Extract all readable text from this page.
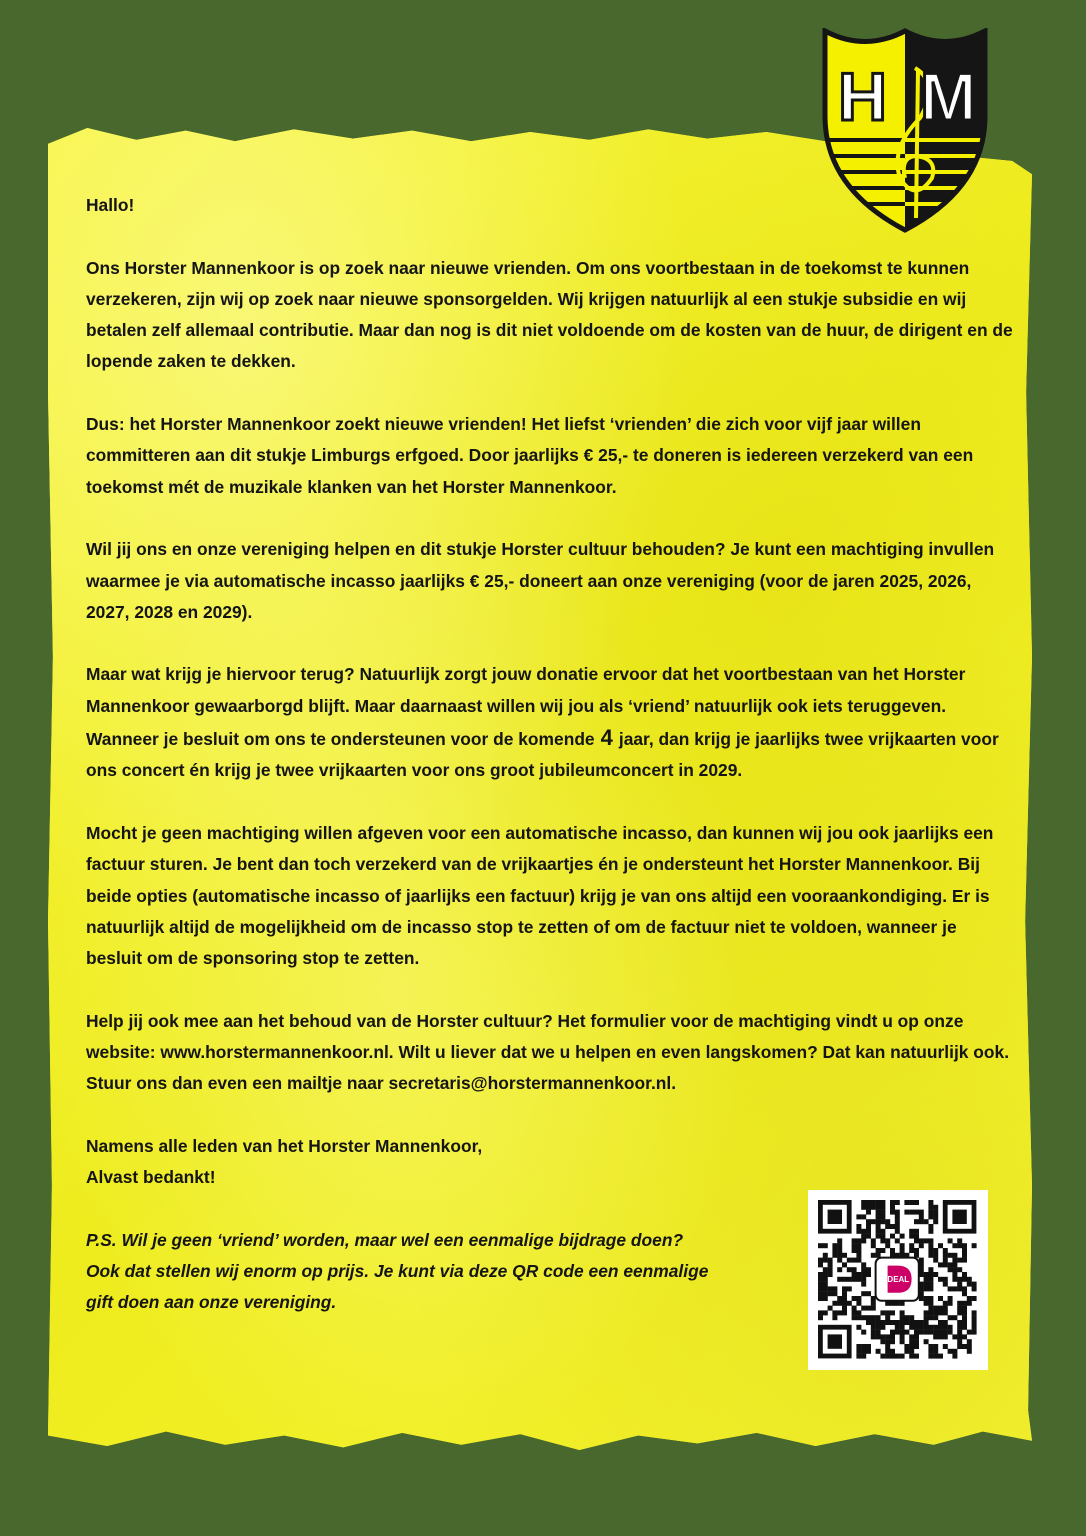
H M

Hallo!

Ons Horster Mannenkoor is op zoek naar nieuwe vrienden. Om ons voortbestaan in de toekomst te kunnen verzekeren, zijn wij op zoek naar nieuwe sponsorgelden. Wij krijgen natuurlijk al een stukje subsidie en wij betalen zelf allemaal contributie. Maar dan nog is dit niet voldoende om de kosten van de huur, de dirigent en de lopende zaken te dekken.

Dus: het Horster Mannenkoor zoekt nieuwe vrienden! Het liefst ‘vrienden’ die zich voor vijf jaar willen committeren aan dit stukje Limburgs erfgoed. Door jaarlijks € 25,- te doneren is iedereen verzekerd van een toekomst mét de muzikale klanken van het Horster Mannenkoor.

Wil jij ons en onze vereniging helpen en dit stukje Horster cultuur behouden? Je kunt een machtiging invullen waarmee je via automatische incasso jaarlijks € 25,- doneert aan onze vereniging (voor de jaren 2025, 2026, 2027, 2028 en 2029).

Maar wat krijg je hiervoor terug? Natuurlijk zorgt jouw donatie ervoor dat het voortbestaan van het Horster Mannenkoor gewaarborgd blijft. Maar daarnaast willen wij jou als ‘vriend’ natuurlijk ook iets teruggeven. Wanneer je besluit om ons te ondersteunen voor de komende 4 jaar, dan krijg je jaarlijks twee vrijkaarten voor ons concert én krijg je twee vrijkaarten voor ons groot jubileumconcert in 2029.

Mocht je geen machtiging willen afgeven voor een automatische incasso, dan kunnen wij jou ook jaarlijks een factuur sturen. Je bent dan toch verzekerd van de vrijkaartjes én je ondersteunt het Horster Mannenkoor. Bij beide opties (automatische incasso of jaarlijks een factuur) krijg je van ons altijd een vooraankondiging. Er is natuurlijk altijd de mogelijkheid om de incasso stop te zetten of om de factuur niet te voldoen, wanneer je besluit om de sponsoring stop te zetten.

Help jij ook mee aan het behoud van de Horster cultuur? Het formulier voor de machtiging vindt u op onze website: www.horstermannenkoor.nl. Wilt u liever dat we u helpen en even langskomen? Dat kan natuurlijk ook. Stuur ons dan even een mailtje naar secretaris@horstermannenkoor.nl.

Namens alle leden van het Horster Mannenkoor,
Alvast bedankt!

P.S. Wil je geen ‘vriend’ worden, maar wel een eenmalige bijdrage doen?
Ook dat stellen wij enorm op prijs. Je kunt via deze QR code een eenmalige
gift doen aan onze vereniging.

iDEAL
